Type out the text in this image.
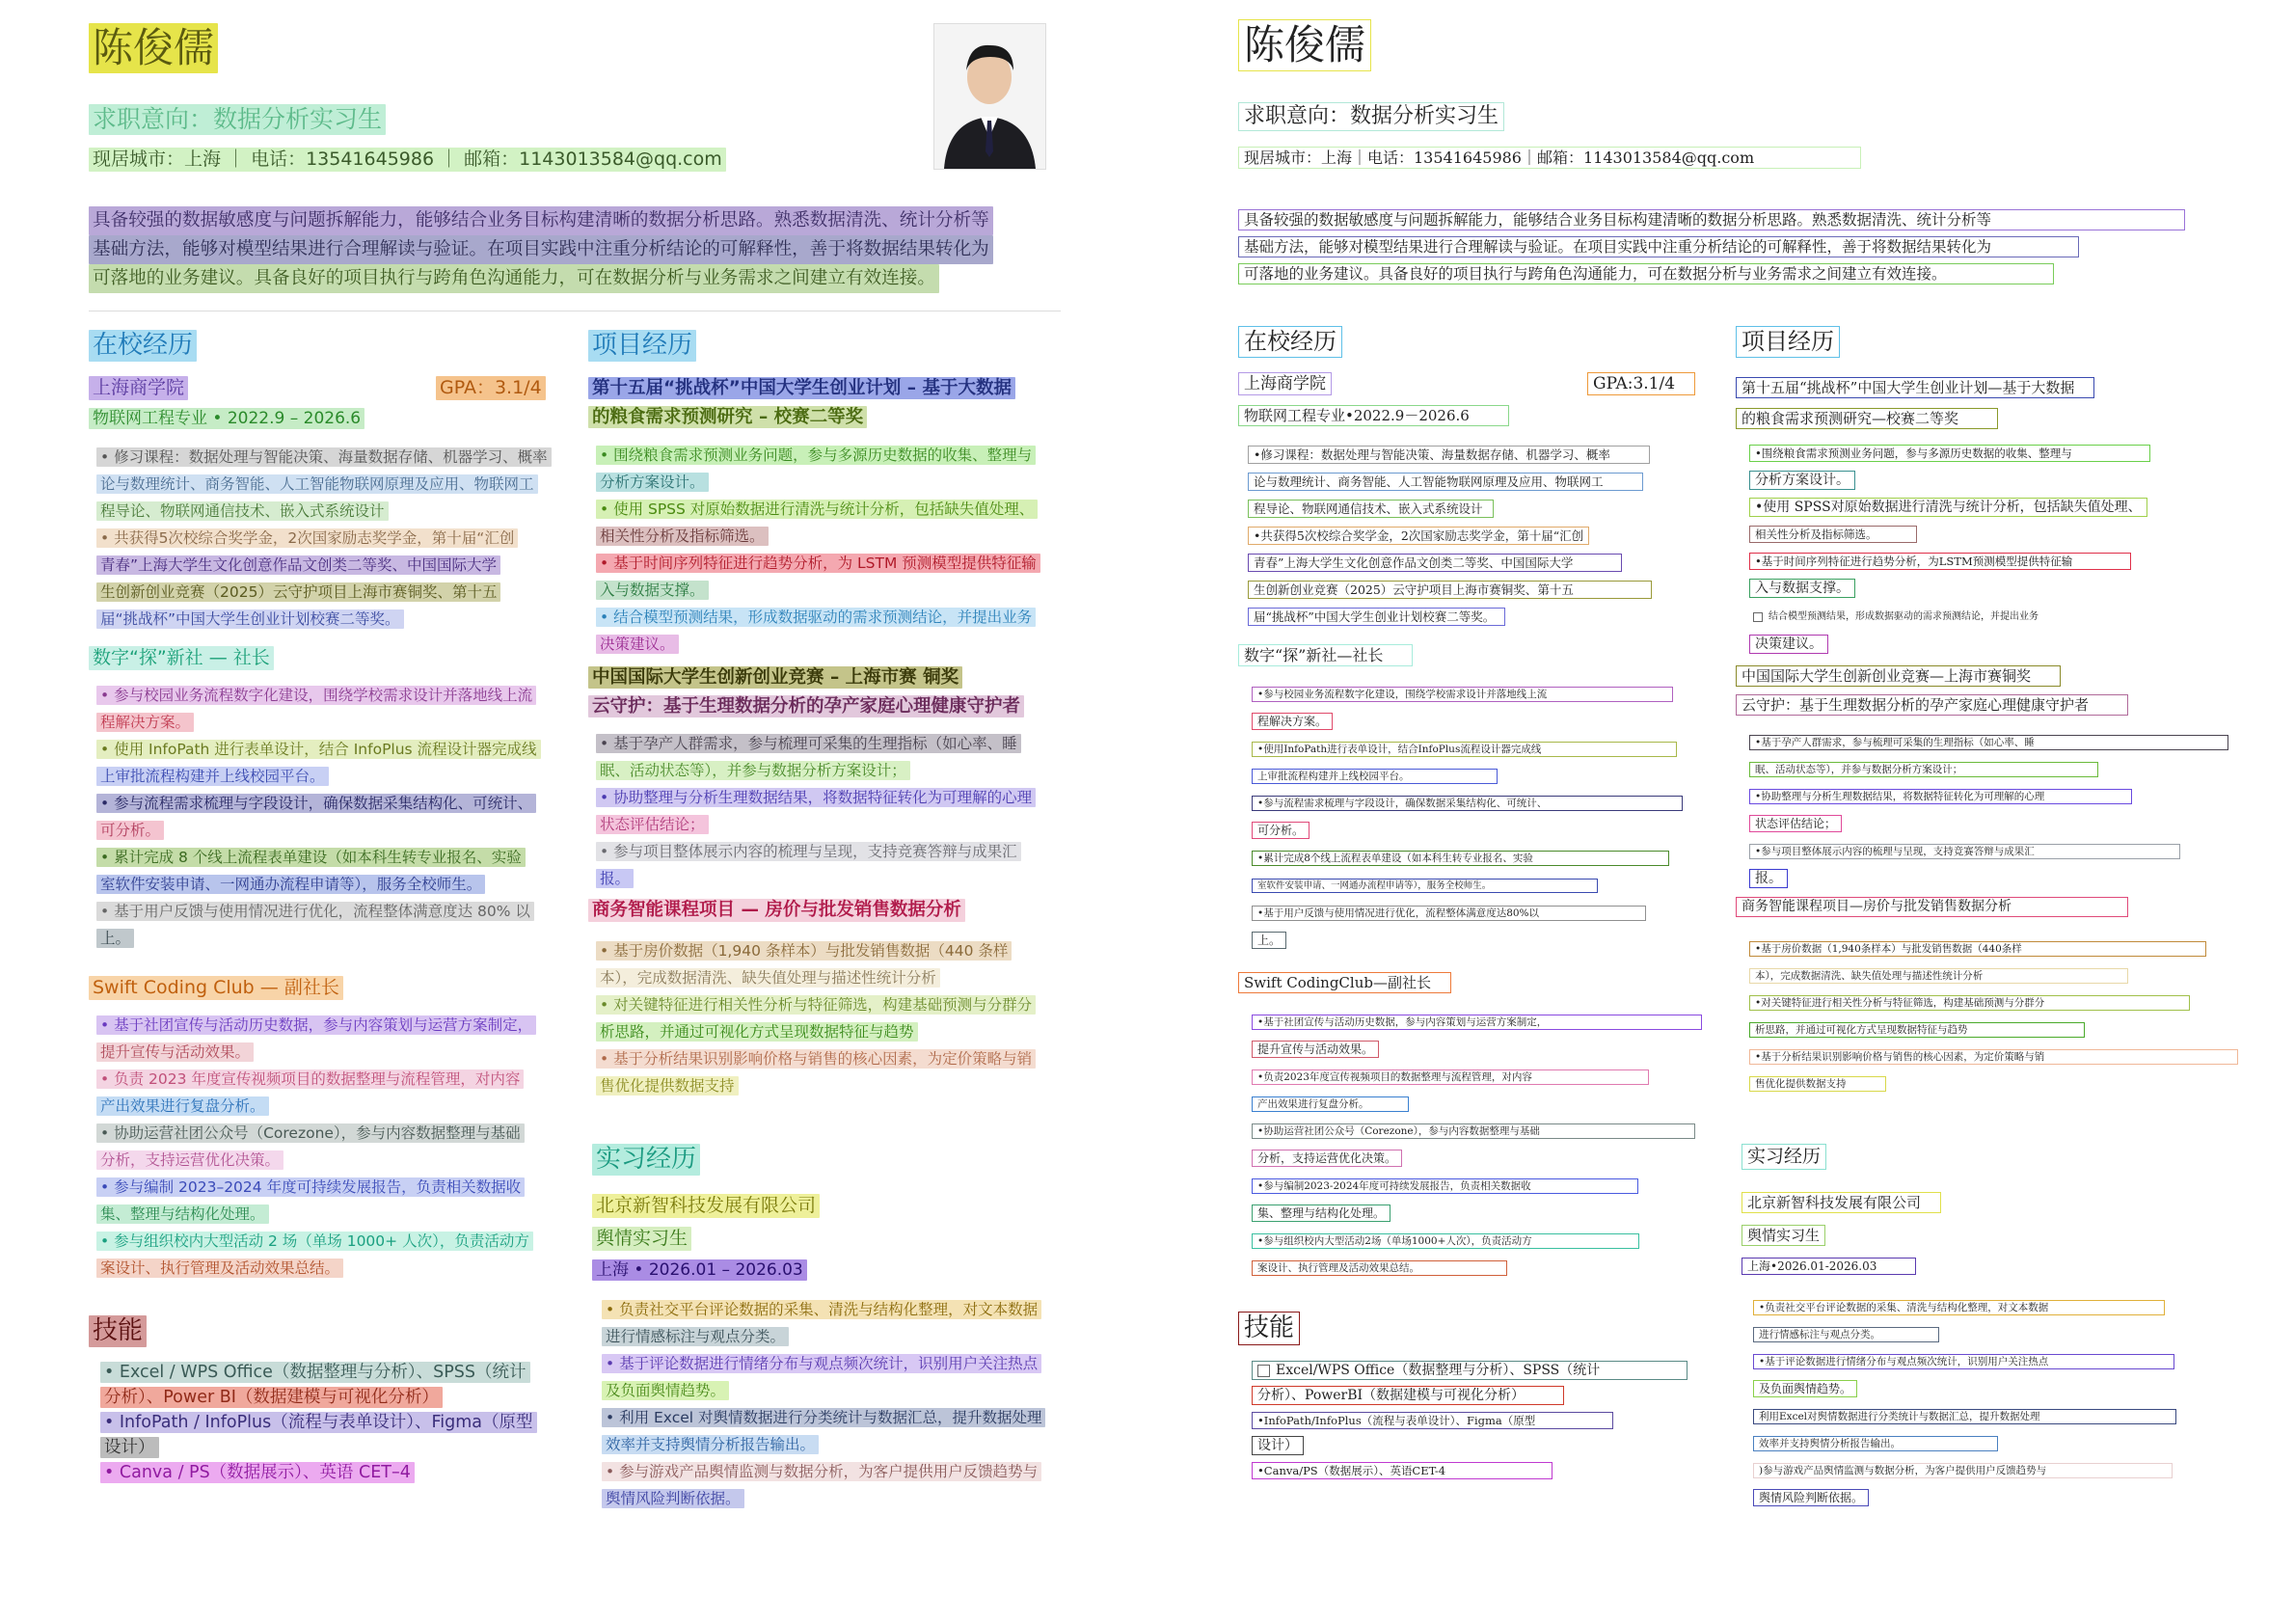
陈俊儒
求职意向：数据分析实习生
现居城市：上海 ｜ 电话：13541645986 ｜ 邮箱：1143013584@qq.com
具备较强的数据敏感度与问题拆解能力，能够结合业务目标构建清晰的数据分析思路。熟悉数据清洗、统计分析等
基础方法，能够对模型结果进行合理解读与验证。在项目实践中注重分析结论的可解释性，善于将数据结果转化为
可落地的业务建议。具备良好的项目执行与跨角色沟通能力，可在数据分析与业务需求之间建立有效连接。
在校经历
上海商学院	GPA：3.1/4
物联网工程专业 • 2022.9 – 2026.6
• 修习课程：数据处理与智能决策、海量数据存储、机器学习、概率
论与数理统计、商务智能、人工智能物联网原理及应用、物联网工
程导论、物联网通信技术、嵌入式系统设计
• 共获得5次校综合奖学金，2次国家励志奖学金，第十届“汇创
青春”上海大学生文化创意作品文创类二等奖、中国国际大学
生创新创业竞赛（2025）云守护项目上海市赛铜奖、第十五
届“挑战杯”中国大学生创业计划校赛二等奖。
数字“探”新社 — 社长
• 参与校园业务流程数字化建设，围绕学校需求设计并落地线上流
程解决方案。
• 使用 InfoPath 进行表单设计，结合 InfoPlus 流程设计器完成线
上审批流程构建并上线校园平台。
• 参与流程需求梳理与字段设计，确保数据采集结构化、可统计、
可分析。
• 累计完成 8 个线上流程表单建设（如本科生转专业报名、实验
室软件安装申请、一网通办流程申请等），服务全校师生。
• 基于用户反馈与使用情况进行优化，流程整体满意度达 80% 以
上。
Swift Coding Club — 副社长
• 基于社团宣传与活动历史数据，参与内容策划与运营方案制定，
提升宣传与活动效果。
• 负责 2023 年度宣传视频项目的数据整理与流程管理，对内容
产出效果进行复盘分析。
• 协助运营社团公众号（Corezone），参与内容数据整理与基础
分析，支持运营优化决策。
• 参与编制 2023–2024 年度可持续发展报告，负责相关数据收
集、整理与结构化处理。
• 参与组织校内大型活动 2 场（单场 1000+ 人次），负责活动方
案设计、执行管理及活动效果总结。
技能
• Excel / WPS Office（数据整理与分析）、SPSS（统计
分析）、Power BI（数据建模与可视化分析）
• InfoPath / InfoPlus（流程与表单设计）、Figma（原型
设计）
• Canva / PS（数据展示）、英语 CET–4
项目经历
第十五届“挑战杯”中国大学生创业计划 – 基于大数据
的粮食需求预测研究 – 校赛二等奖
• 围绕粮食需求预测业务问题，参与多源历史数据的收集、整理与
分析方案设计。
• 使用 SPSS 对原始数据进行清洗与统计分析，包括缺失值处理、
相关性分析及指标筛选。
• 基于时间序列特征进行趋势分析，为 LSTM 预测模型提供特征输
入与数据支撑。
• 结合模型预测结果，形成数据驱动的需求预测结论，并提出业务
决策建议。
中国国际大学生创新创业竞赛 – 上海市赛 铜奖
云守护：基于生理数据分析的孕产家庭心理健康守护者
• 基于孕产人群需求，参与梳理可采集的生理指标（如心率、睡
眠、活动状态等），并参与数据分析方案设计；
• 协助整理与分析生理数据结果，将数据特征转化为可理解的心理
状态评估结论；
• 参与项目整体展示内容的梳理与呈现，支持竞赛答辩与成果汇
报。
商务智能课程项目 — 房价与批发销售数据分析
• 基于房价数据（1,940 条样本）与批发销售数据（440 条样
本），完成数据清洗、缺失值处理与描述性统计分析
• 对关键特征进行相关性分析与特征筛选，构建基础预测与分群分
析思路，并通过可视化方式呈现数据特征与趋势
• 基于分析结果识别影响价格与销售的核心因素，为定价策略与销
售优化提供数据支持
实习经历
北京新智科技发展有限公司
舆情实习生
上海 • 2026.01 – 2026.03
• 负责社交平台评论数据的采集、清洗与结构化整理，对文本数据
进行情感标注与观点分类。
• 基于评论数据进行情绪分布与观点频次统计，识别用户关注热点
及负面舆情趋势。
• 利用 Excel 对舆情数据进行分类统计与数据汇总，提升数据处理
效率并支持舆情分析报告输出。
• 参与游戏产品舆情监测与数据分析，为客户提供用户反馈趋势与
舆情风险判断依据。
陈俊儒
求职意向：数据分析实习生
现居城市：上海｜电话：13541645986｜邮箱：1143013584@qq.com
具备较强的数据敏感度与问题拆解能力，能够结合业务目标构建清晰的数据分析思路。熟悉数据清洗、统计分析等
基础方法，能够对模型结果进行合理解读与验证。在项目实践中注重分析结论的可解释性，善于将数据结果转化为
可落地的业务建议。具备良好的项目执行与跨角色沟通能力，可在数据分析与业务需求之间建立有效连接。
在校经历
上海商学院	GPA:3.1/4
物联网工程专业•2022.9－2026.6
•修习课程：数据处理与智能决策、海量数据存储、机器学习、概率
论与数理统计、商务智能、人工智能物联网原理及应用、物联网工
程导论、物联网通信技术、嵌入式系统设计
•共获得5次校综合奖学金，2次国家励志奖学金，第十届“汇创
青春”上海大学生文化创意作品文创类二等奖、中国国际大学
生创新创业竞赛（2025）云守护项目上海市赛铜奖、第十五
届“挑战杯”中国大学生创业计划校赛二等奖。
数字“探”新社—社长
•参与校园业务流程数字化建设，围绕学校需求设计并落地线上流
程解决方案。
•使用InfoPath进行表单设计，结合InfoPlus流程设计器完成线
上审批流程构建并上线校园平台。
•参与流程需求梳理与字段设计，确保数据采集结构化、可统计、
可分析。
•累计完成8个线上流程表单建设（如本科生转专业报名、实验
室软件安装申请、一网通办流程申请等），服务全校师生。
•基于用户反馈与使用情况进行优化，流程整体满意度达80%以
上。
Swift CodingClub—副社长
•基于社团宣传与活动历史数据，参与内容策划与运营方案制定，
提升宣传与活动效果。
•负责2023年度宣传视频项目的数据整理与流程管理，对内容
产出效果进行复盘分析。
•协助运营社团公众号（Corezone），参与内容数据整理与基础
分析，支持运营优化决策。
•参与编制2023-2024年度可持续发展报告，负责相关数据收
集、整理与结构化处理。
•参与组织校内大型活动2场（单场1000+人次），负责活动方
案设计、执行管理及活动效果总结。
技能
Excel/WPS Office（数据整理与分析）、SPSS（统计
分析）、PowerBI（数据建模与可视化分析）
•InfoPath/InfoPlus（流程与表单设计）、Figma（原型
设计）
•Canva/PS（数据展示）、英语CET-4
项目经历
第十五届“挑战杯”中国大学生创业计划—基于大数据
的粮食需求预测研究—校赛二等奖
•围绕粮食需求预测业务问题，参与多源历史数据的收集、整理与
分析方案设计。
•使用 SPSS对原始数据进行清洗与统计分析，包括缺失值处理、
相关性分析及指标筛选。
•基于时间序列特征进行趋势分析，为LSTM预测模型提供特征输
入与数据支撑。
结合模型预测结果，形成数据驱动的需求预测结论，并提出业务
决策建议。
中国国际大学生创新创业竞赛—上海市赛铜奖
云守护：基于生理数据分析的孕产家庭心理健康守护者
•基于孕产人群需求，参与梳理可采集的生理指标（如心率、睡
眠、活动状态等），并参与数据分析方案设计；
•协助整理与分析生理数据结果，将数据特征转化为可理解的心理
状态评估结论；
•参与项目整体展示内容的梳理与呈现，支持竞赛答辩与成果汇
报。
商务智能课程项目—房价与批发销售数据分析
•基于房价数据（1,940条样本）与批发销售数据（440条样
本），完成数据清洗、缺失值处理与描述性统计分析
•对关键特征进行相关性分析与特征筛选，构建基础预测与分群分
析思路，并通过可视化方式呈现数据特征与趋势
•基于分析结果识别影响价格与销售的核心因素，为定价策略与销
售优化提供数据支持
实习经历
北京新智科技发展有限公司
舆情实习生
上海•2026.01-2026.03
•负责社交平台评论数据的采集、清洗与结构化整理，对文本数据
进行情感标注与观点分类。
•基于评论数据进行情绪分布与观点频次统计，识别用户关注热点
及负面舆情趋势。
利用Excel对舆情数据进行分类统计与数据汇总，提升数据处理
效率并支持舆情分析报告输出。
)参与游戏产品舆情监测与数据分析，为客户提供用户反馈趋势与
舆情风险判断依据。
